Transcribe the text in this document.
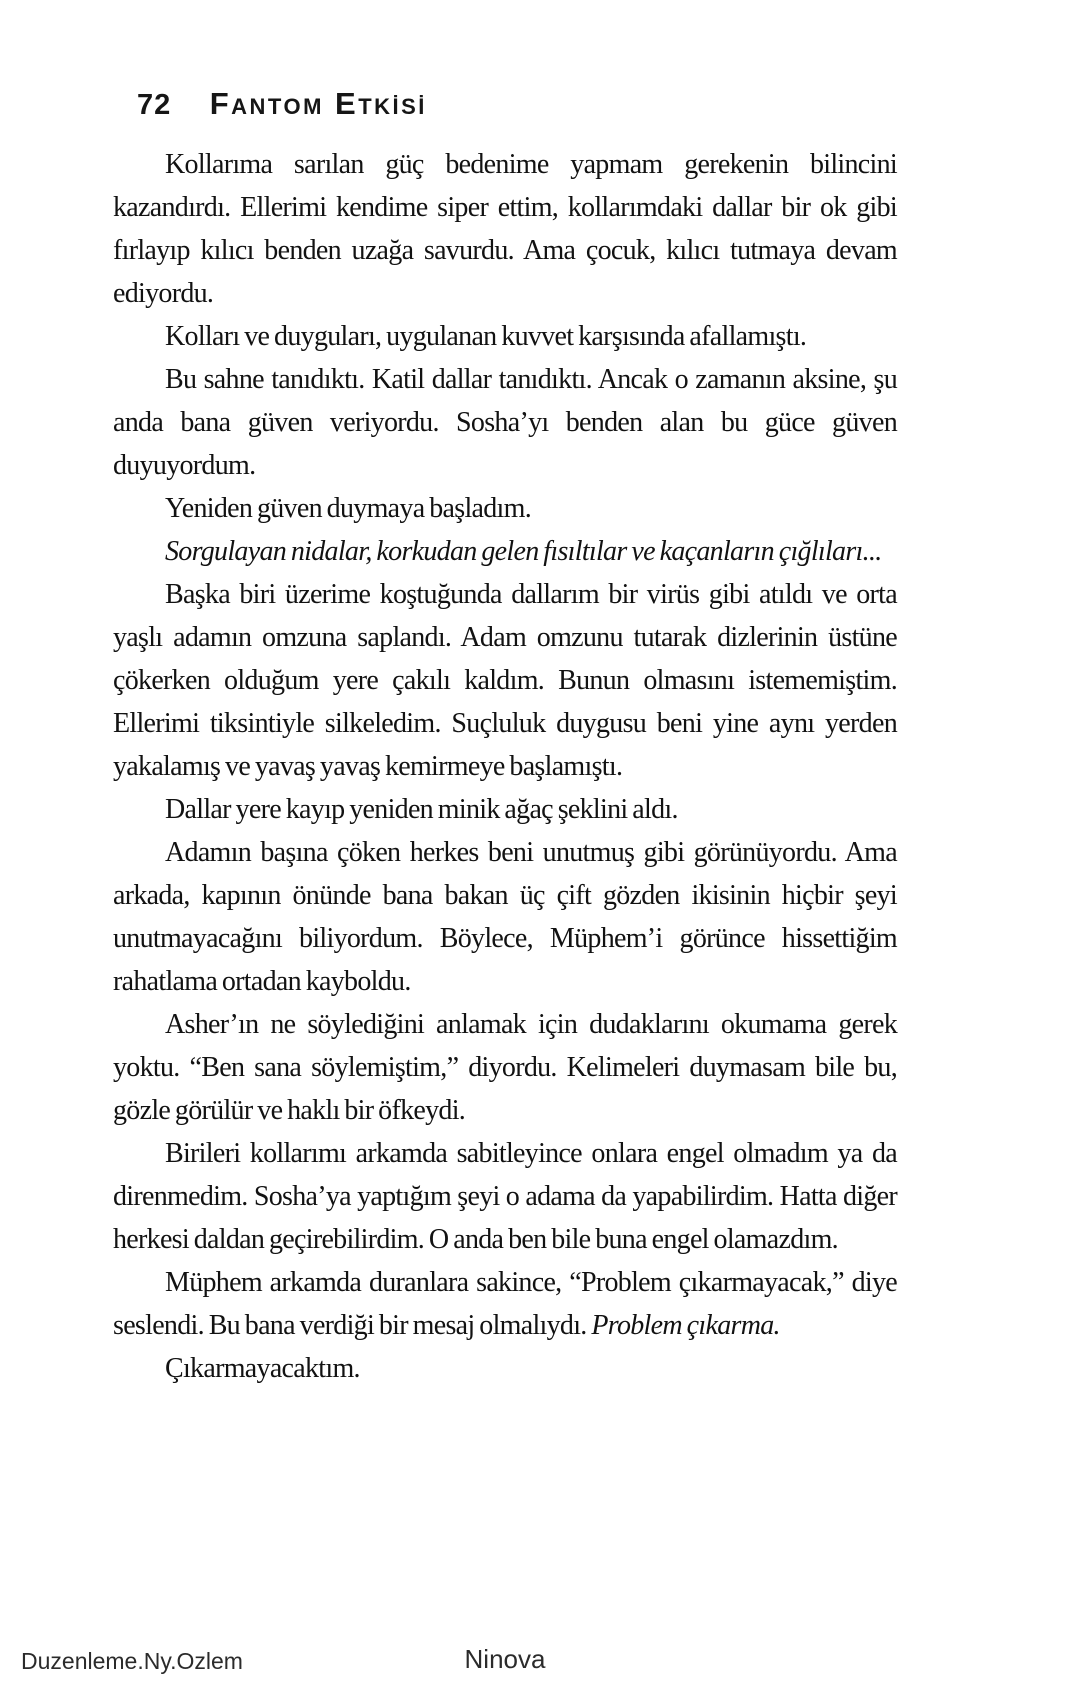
72 Fantom Etkisi

Kollarıma sarılan güç bedenime yapmam gerekenin bilincini kazandırdı. Ellerimi kendime siper ettim, kollarımdaki dallar bir ok gibi fırlayıp kılıcı benden uzağa savurdu. Ama çocuk, kılıcı tutmaya devam ediyordu.

Kolları ve duyguları, uygulanan kuvvet karşısında afallamıştı.

Bu sahne tanıdıktı. Katil dallar tanıdıktı. Ancak o zamanın aksine, şu anda bana güven veriyordu. Sosha’yı benden alan bu güce güven duyuyordum.

Yeniden güven duymaya başladım.

Sorgulayan nidalar, korkudan gelen fısıltılar ve kaçanların çığlıları...

Başka biri üzerime koştuğunda dallarım bir virüs gibi atıldı ve orta yaşlı adamın omzuna saplandı. Adam omzunu tutarak dizlerinin üstüne çökerken olduğum yere çakılı kaldım. Bunun olmasını istememiştim. Ellerimi tiksintiyle silkeledim. Suçluluk duygusu beni yine aynı yerden yakalamış ve yavaş yavaş kemirmeye başlamıştı.

Dallar yere kayıp yeniden minik ağaç şeklini aldı.

Adamın başına çöken herkes beni unutmuş gibi görünüyordu. Ama arkada, kapının önünde bana bakan üç çift gözden ikisinin hiçbir şeyi unutmayacağını biliyordum. Böylece, Müphem’i görünce hissettiğim rahatlama ortadan kayboldu.

Asher’ın ne söylediğini anlamak için dudaklarını okumama gerek yoktu. “Ben sana söylemiştim,” diyordu. Kelimeleri duymasam bile bu, gözle görülür ve haklı bir öfkeydi.

Birileri kollarımı arkamda sabitleyince onlara engel olmadım ya da direnmedim. Sosha’ya yaptığım şeyi o adama da yapabilirdim. Hatta diğer herkesi daldan geçirebilirdim. O anda ben bile buna engel olamazdım.

Müphem arkamda duranlara sakince, “Problem çıkarmayacak,” diye seslendi. Bu bana verdiği bir mesaj olmalıydı. Problem çıkarma.

Çıkarmayacaktım.

Duzenleme.Ny.Ozlem	Ninova
